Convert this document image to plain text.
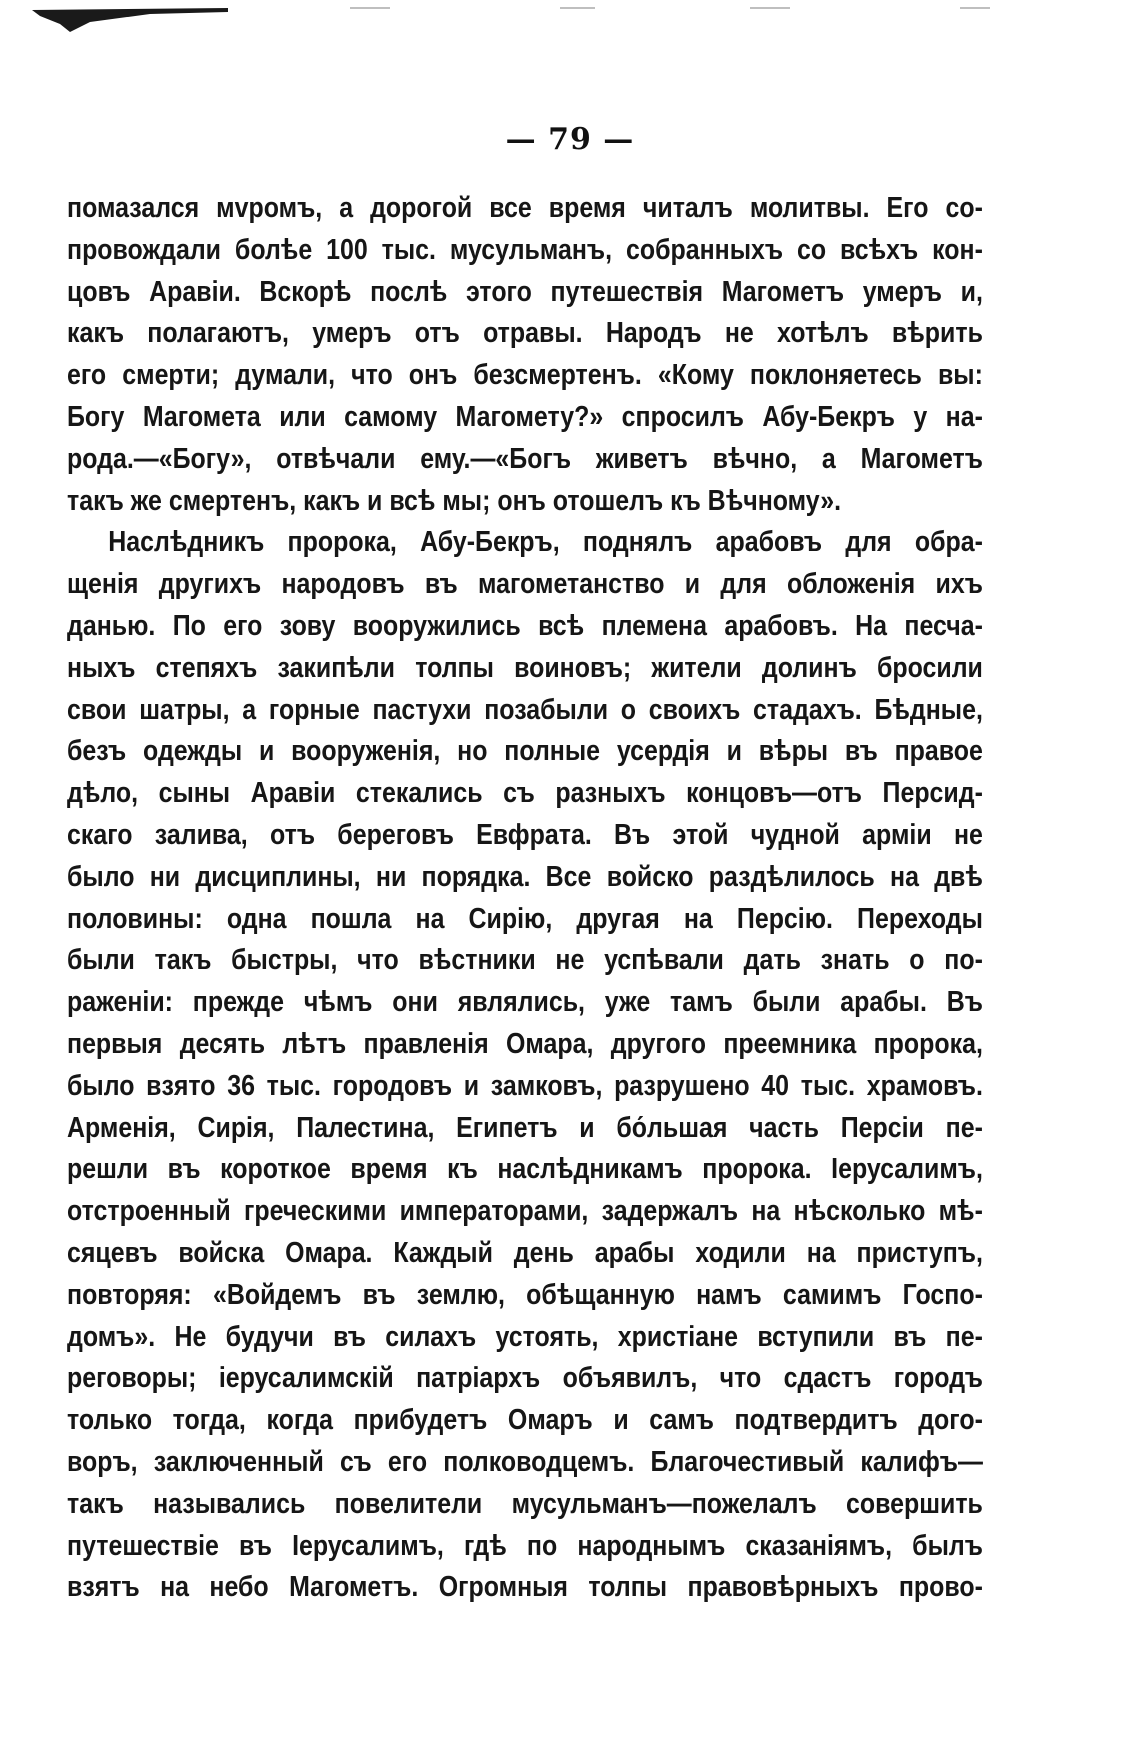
— 79 —
помазался мvромъ, а дорогой все время читалъ молитвы. Его со-
провождали болѣе 100 тыс. мусульманъ, собранныхъ со всѣхъ кон-
цовъ Аравіи. Вскорѣ послѣ этого путешествія Магометъ умеръ и,
какъ полагаютъ, умеръ отъ отравы. Народъ не хотѣлъ вѣрить
его смерти; думали, что онъ безсмертенъ. «Кому поклоняетесь вы:
Богу Магомета или самому Магомету?» спросилъ Абу-Бекръ у на-
рода.—«Богу», отвѣчали ему.—«Богъ живетъ вѣчно, а Магометъ
такъ же смертенъ, какъ и всѣ мы; онъ отошелъ къ Вѣчному».
Наслѣдникъ пророка, Абу-Бекръ, поднялъ арабовъ для обра-
щенія другихъ народовъ въ магометанство и для обложенія ихъ
данью. По его зову вооружились всѣ племена арабовъ. На песча-
ныхъ степяхъ закипѣли толпы воиновъ; жители долинъ бросили
свои шатры, а горные пастухи позабыли о своихъ стадахъ. Бѣдные,
безъ одежды и вооруженія, но полные усердія и вѣры въ правое
дѣло, сыны Аравіи стекались съ разныхъ концовъ—отъ Персид-
скаго залива, отъ береговъ Евфрата. Въ этой чудной арміи не
было ни дисциплины, ни порядка. Все войско раздѣлилось на двѣ
половины: одна пошла на Сирію, другая на Персію. Переходы
были такъ быстры, что вѣстники не успѣвали дать знать о по-
раженіи: прежде чѣмъ они являлись, уже тамъ были арабы. Въ
первыя десять лѣтъ правленія Омара, другого преемника пророка,
было взято 36 тыс. городовъ и замковъ, разрушено 40 тыс. храмовъ.
Арменія, Сирія, Палестина, Египетъ и бо́льшая часть Персіи пе-
решли въ короткое время къ наслѣдникамъ пророка. Іерусалимъ,
отстроенный греческими императорами, задержалъ на нѣсколько мѣ-
сяцевъ войска Омара. Каждый день арабы ходили на приступъ,
повторяя: «Войдемъ въ землю, обѣщанную намъ самимъ Госпо-
домъ». Не будучи въ силахъ устоять, христіане вступили въ пе-
реговоры; іерусалимскій патріархъ объявилъ, что сдастъ городъ
только тогда, когда прибудетъ Омаръ и самъ подтвердитъ дого-
воръ, заключенный съ его полководцемъ. Благочестивый калифъ—
такъ назывались повелители мусульманъ—пожелалъ совершить
путешествіе въ Іерусалимъ, гдѣ по народнымъ сказаніямъ, былъ
взятъ на небо Магометъ. Огромныя толпы правовѣрныхъ прово-
